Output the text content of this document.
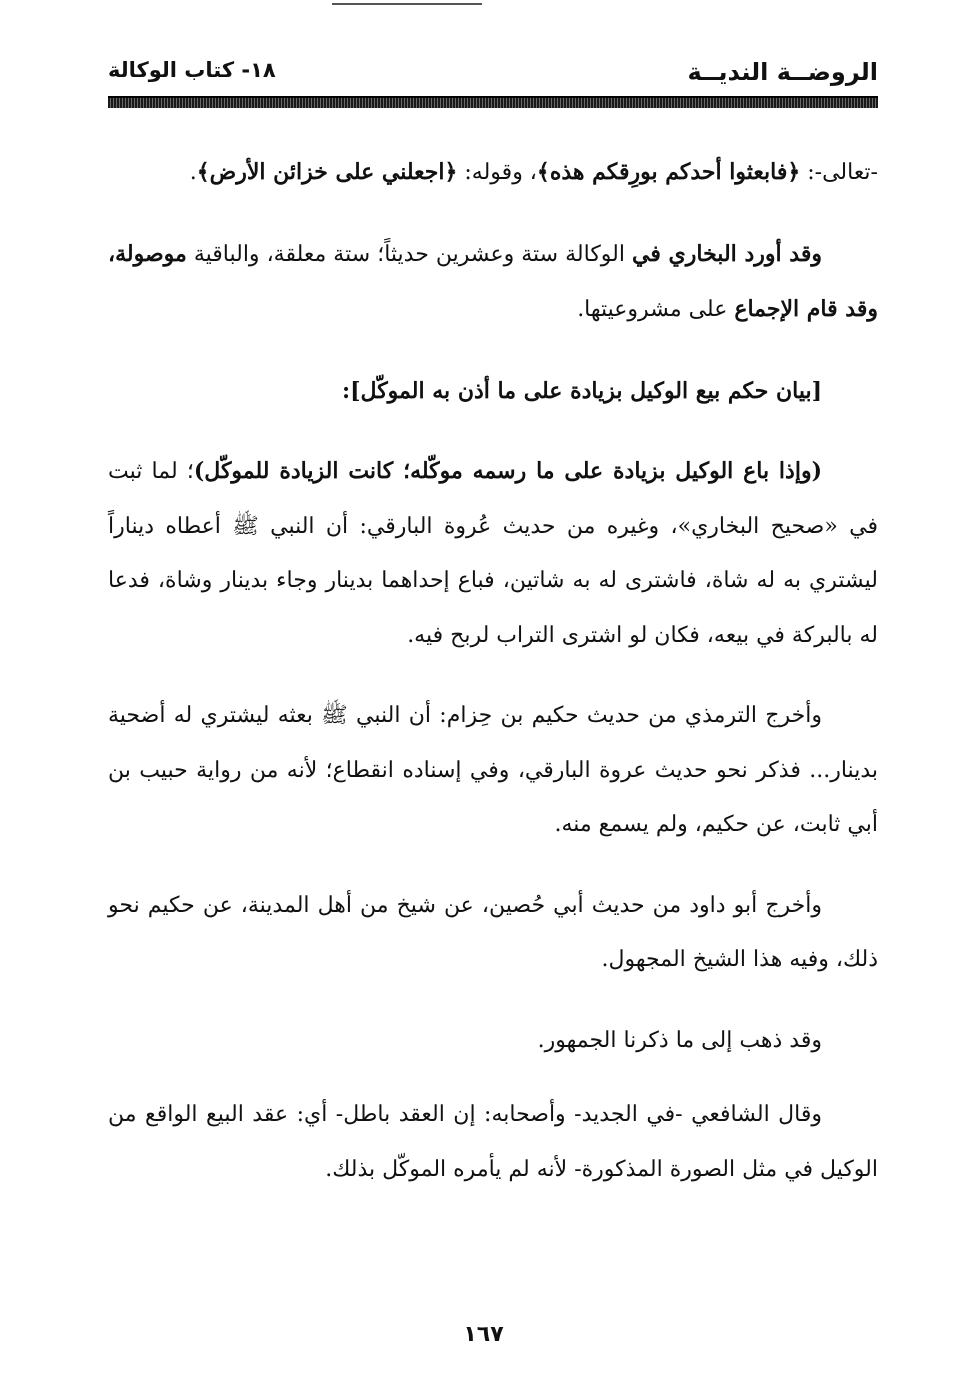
الروضــة النديــة
١٨- كتاب الوكالة

-تعالى-: ﴿فابعثوا أحدكم بورِقكم هذه﴾، وقوله: ﴿اجعلني على خزائن الأرض﴾.

وقد أورد البخاري في الوكالة ستة وعشرين حديثاً؛ ستة معلقة، والباقية موصولة، وقد قام الإجماع على مشروعيتها.

[بيان حكم بيع الوكيل بزيادة على ما أذن به الموكّل]:

(وإذا باع الوكيل بزيادة على ما رسمه موكّله؛ كانت الزيادة للموكّل)؛ لما ثبت في «صحيح البخاري»، وغيره من حديث عُروة البارقي: أن النبي ﷺ أعطاه ديناراً ليشتري به له شاة، فاشترى له به شاتين، فباع إحداهما بدينار وجاء بدينار وشاة، فدعا له بالبركة في بيعه، فكان لو اشترى التراب لربح فيه.

وأخرج الترمذي من حديث حكيم بن حِزام: أن النبي ﷺ بعثه ليشتري له أضحية بدينار... فذكر نحو حديث عروة البارقي، وفي إسناده انقطاع؛ لأنه من رواية حبيب بن أبي ثابت، عن حكيم، ولم يسمع منه.

وأخرج أبو داود من حديث أبي حُصين، عن شيخ من أهل المدينة، عن حكيم نحو ذلك، وفيه هذا الشيخ المجهول.

وقد ذهب إلى ما ذكرنا الجمهور.

وقال الشافعي -في الجديد- وأصحابه: إن العقد باطل- أي: عقد البيع الواقع من الوكيل في مثل الصورة المذكورة- لأنه لم يأمره الموكّل بذلك.

١٦٧
